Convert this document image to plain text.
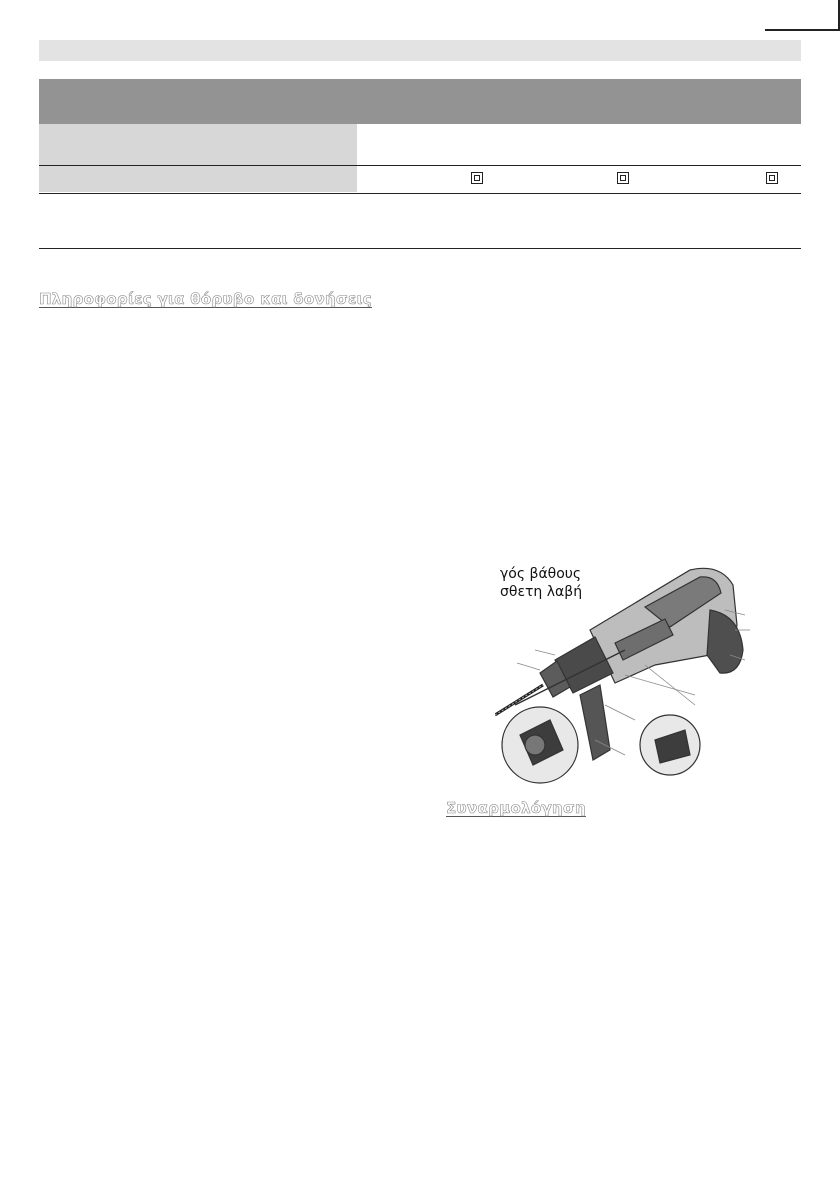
Πληροφορίες για θόρυβο και δονήσεις
γός βάθους
σθετη λαβή
Συναρμολόγηση
